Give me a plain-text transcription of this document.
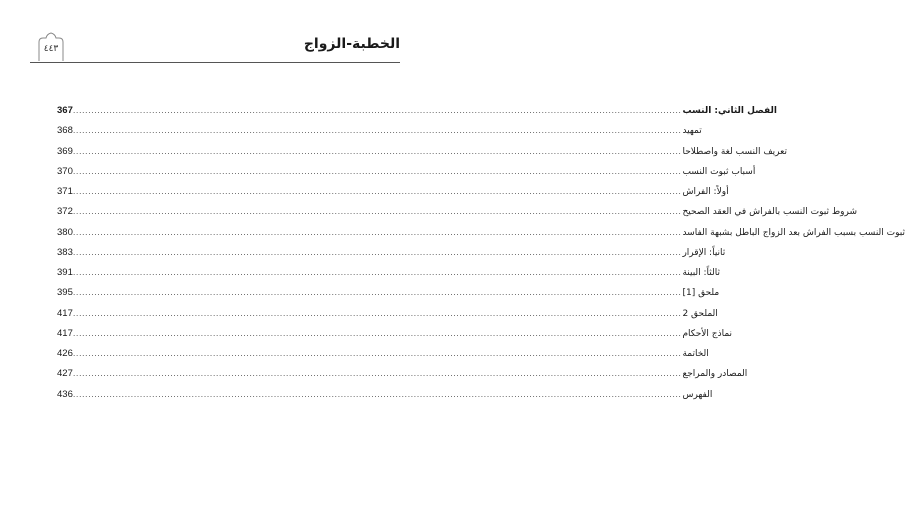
الخطبة-الزواج
٤٤٣
367 ........................................................................................................................................................................................................ الفصل الثاني: النسب
368 ........................................................................................................................................................................................................ تمهيد
369 ........................................................................................................................................................................................................ تعريف النسب لغة واصطلاحا
370 ........................................................................................................................................................................................................ أسباب ثبوت النسب
371 ........................................................................................................................................................................................................ أولاً: الفراش
372 ........................................................................................................................................................................................................ شروط ثبوت النسب بالفراش في العقد الصحيح
380 ........................................................................................................................................................................................................ ثبوت النسب بسبب الفراش بعد الزواج الباطل بشبهة الفاسد
383 ........................................................................................................................................................................................................ ثانياً: الإقرار
391 ........................................................................................................................................................................................................ ثالثاً: البينة
395 ........................................................................................................................................................................................................ ملحق [1]
417 ........................................................................................................................................................................................................ الملحق 2
417 ........................................................................................................................................................................................................ نماذج الأحكام
426 ........................................................................................................................................................................................................ الخاتمة
427 ........................................................................................................................................................................................................ المصادر والمراجع
436 ........................................................................................................................................................................................................ الفهرس
